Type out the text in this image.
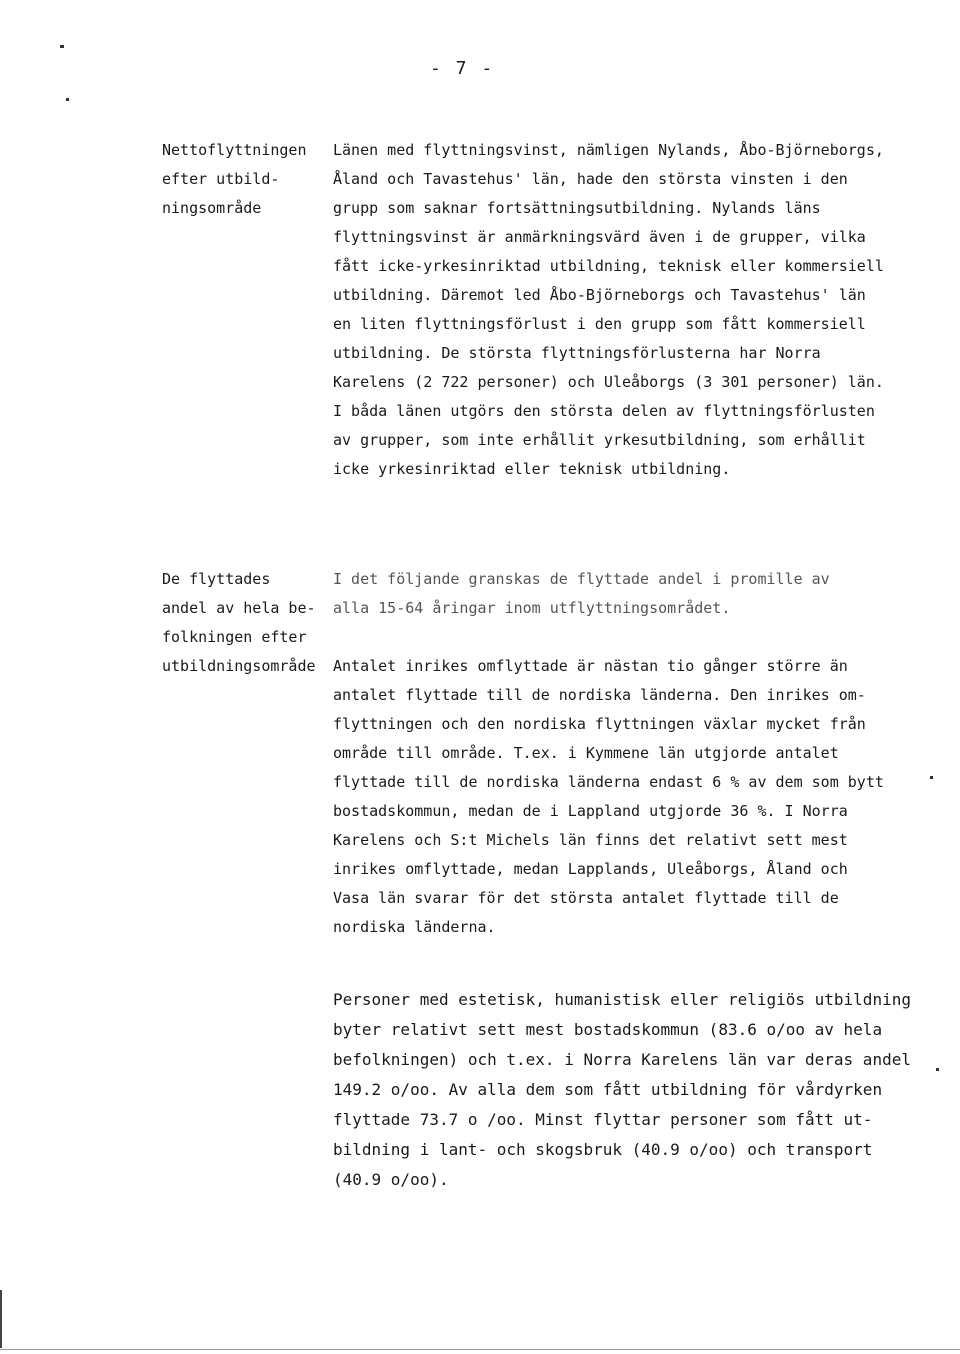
- 7 -
Nettoflyttningen
efter utbild-
ningsområde
Länen med flyttningsvinst, nämligen Nylands, Åbo-Björneborgs,
Åland och Tavastehus' län, hade den största vinsten i den
grupp som saknar fortsättningsutbildning. Nylands läns
flyttningsvinst är anmärkningsvärd även i de grupper, vilka
fått icke-yrkesinriktad utbildning, teknisk eller kommersiell
utbildning. Däremot led Åbo-Björneborgs och Tavastehus' län
en liten flyttningsförlust i den grupp som fått kommersiell
utbildning. De största flyttningsförlusterna har Norra
Karelens (2 722 personer) och Uleåborgs (3 301 personer) län.
I båda länen utgörs den största delen av flyttningsförlusten
av grupper, som inte erhållit yrkesutbildning, som erhållit
icke yrkesinriktad eller teknisk utbildning.
De flyttades
andel av hela be-
folkningen efter
utbildningsområde
I det följande granskas de flyttade andel i promille av
alla 15-64 åringar inom utflyttningsområdet.
Antalet inrikes omflyttade är nästan tio gånger större än
antalet flyttade till de nordiska länderna. Den inrikes om-
flyttningen och den nordiska flyttningen växlar mycket från
område till område. T.ex. i Kymmene län utgjorde antalet
flyttade till de nordiska länderna endast 6 % av dem som bytt
bostadskommun, medan de i Lappland utgjorde 36 %. I Norra
Karelens och S:t Michels län finns det relativt sett mest
inrikes omflyttade, medan Lapplands, Uleåborgs, Åland och
Vasa län svarar för det största antalet flyttade till de
nordiska länderna.
Personer med estetisk, humanistisk eller religiös utbildning
byter relativt sett mest bostadskommun (83.6 o/oo av hela
befolkningen) och t.ex. i Norra Karelens län var deras andel
149.2 o/oo. Av alla dem som fått utbildning för vårdyrken
flyttade 73.7 o /oo. Minst flyttar personer som fått ut-
bildning i lant- och skogsbruk (40.9 o/oo) och transport
(40.9 o/oo).
